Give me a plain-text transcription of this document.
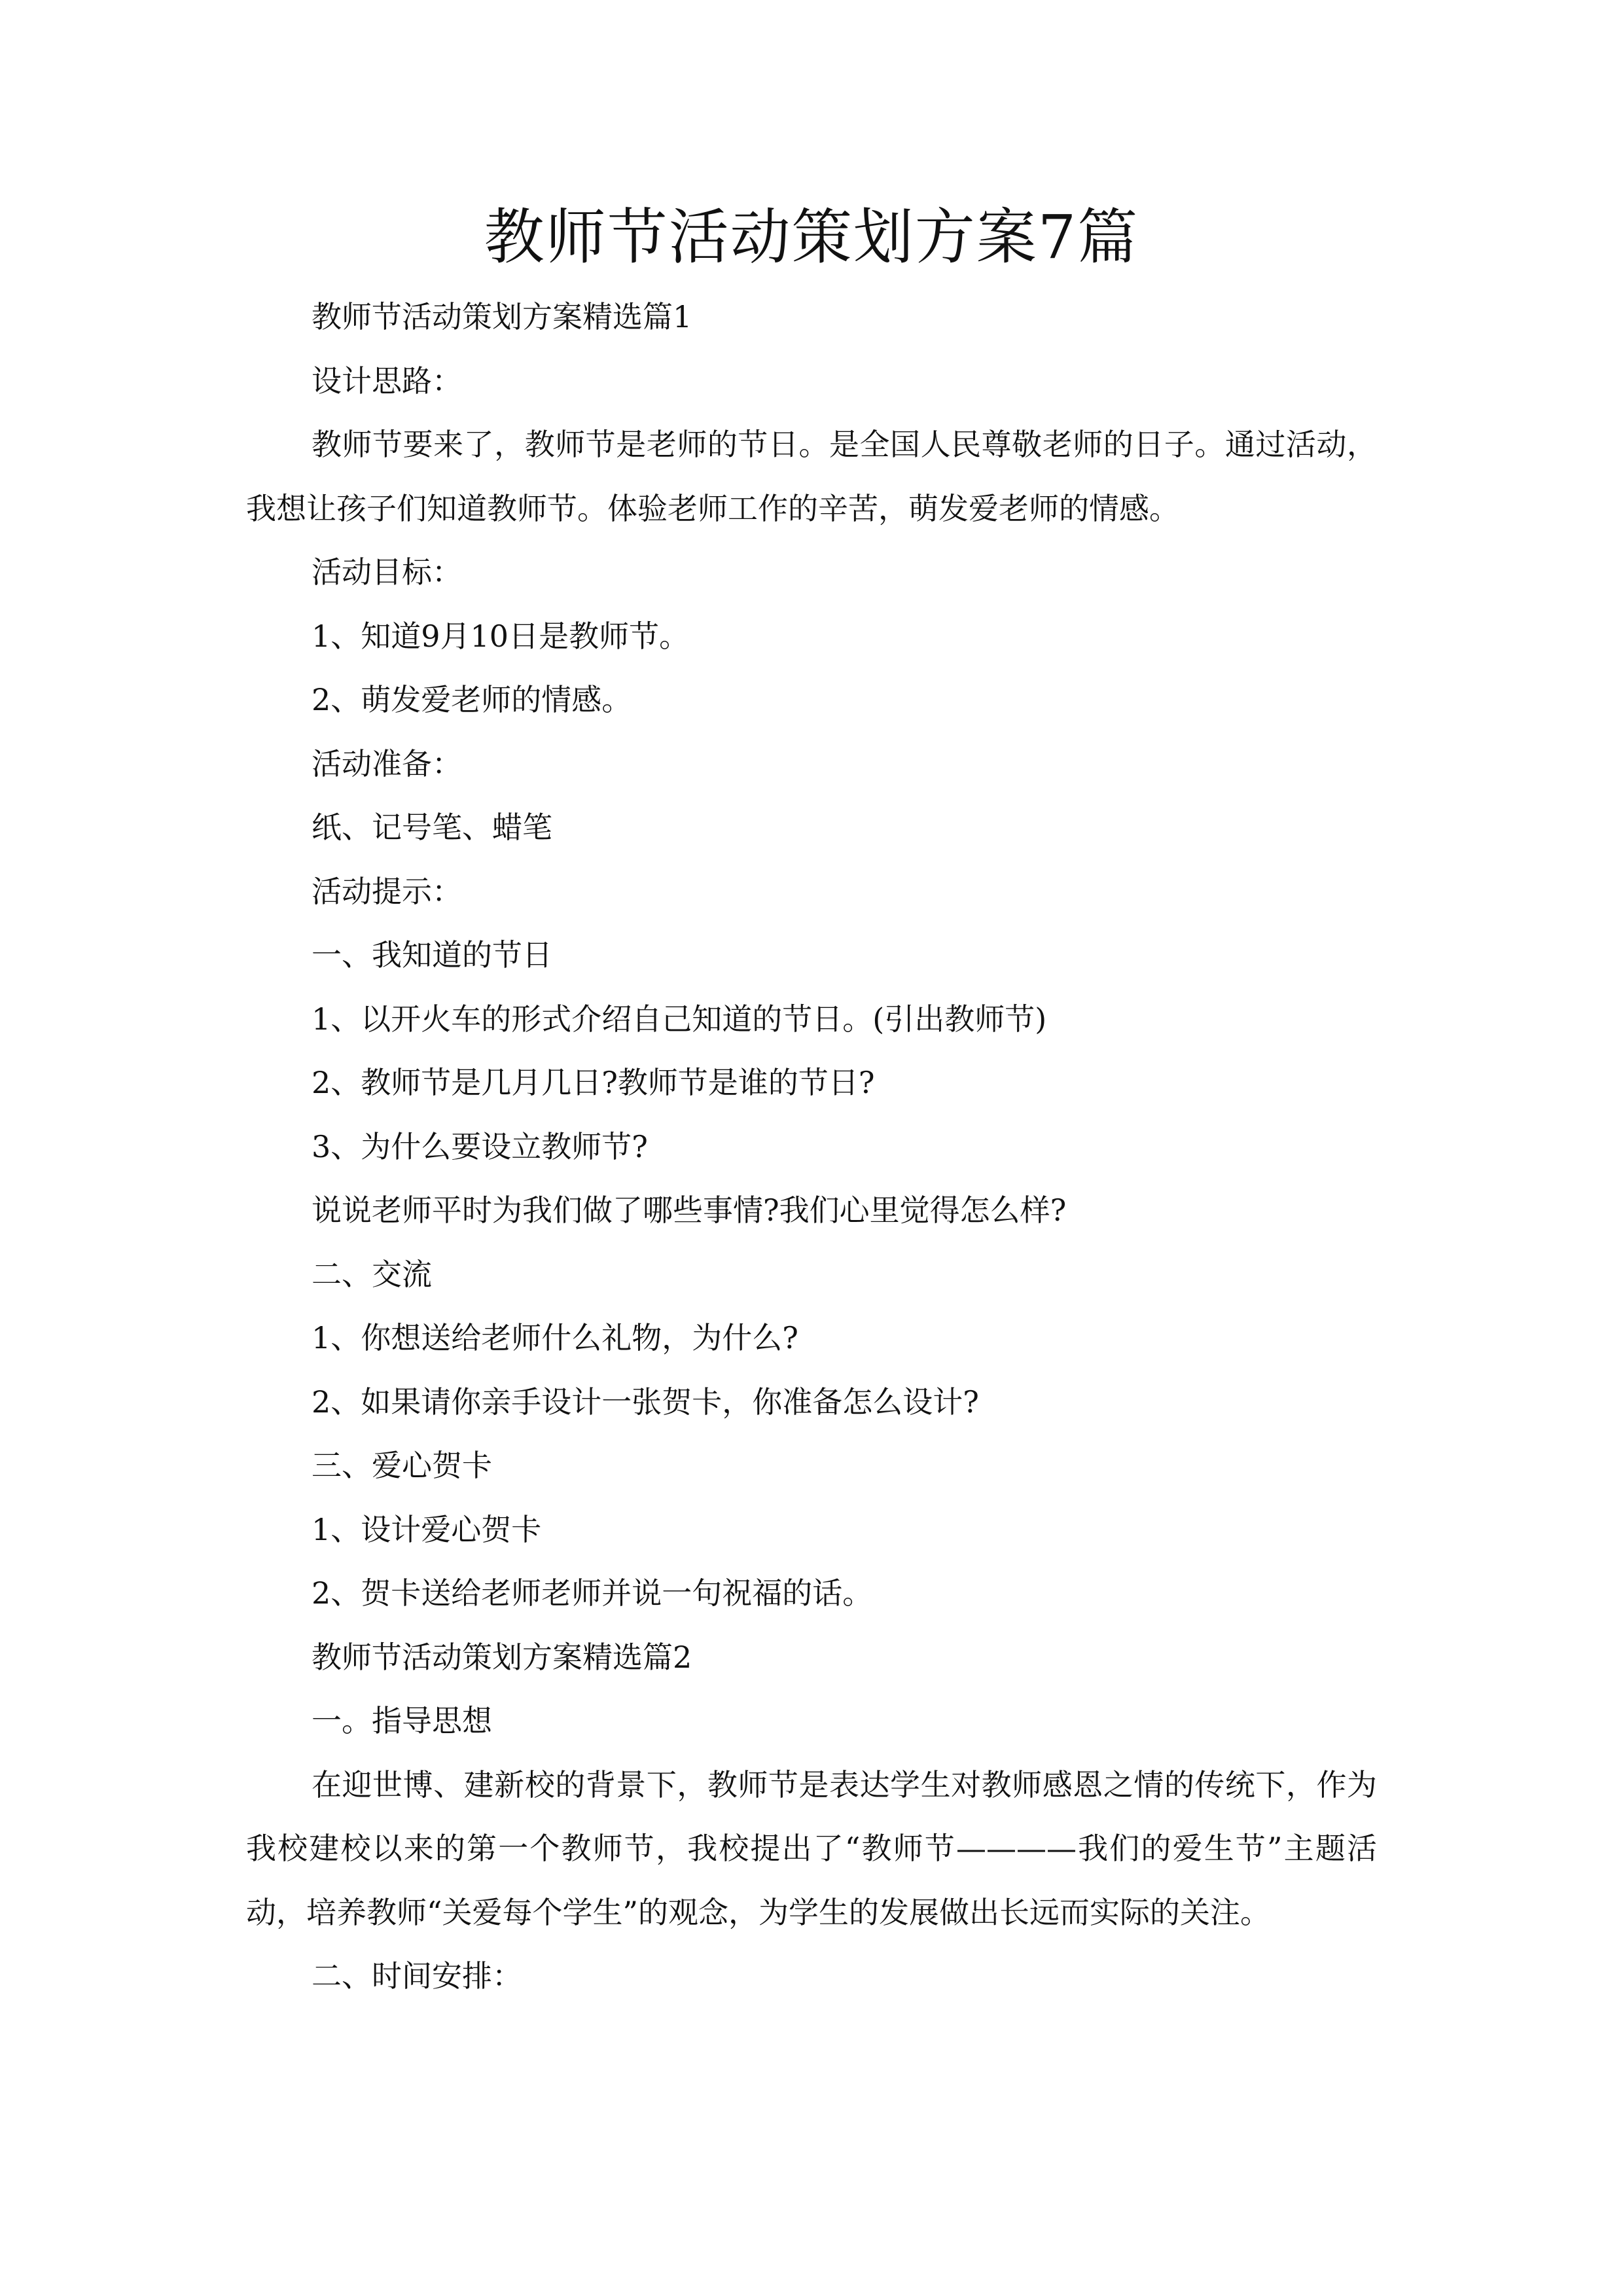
教师节活动策划方案7篇

教师节活动策划方案精选篇1

设计思路：

教师节要来了，教师节是老师的节日。是全国人民尊敬老师的日子。通过活动，我想让孩子们知道教师节。体验老师工作的辛苦，萌发爱老师的情感。

活动目标：

1、知道9月10日是教师节。

2、萌发爱老师的情感。

活动准备：

纸、记号笔、蜡笔

活动提示：

一、我知道的节日

1、以开火车的形式介绍自己知道的节日。(引出教师节)

2、教师节是几月几日?教师节是谁的节日?

3、为什么要设立教师节?

说说老师平时为我们做了哪些事情?我们心里觉得怎么样?

二、交流

1、你想送给老师什么礼物，为什么?

2、如果请你亲手设计一张贺卡，你准备怎么设计?

三、爱心贺卡

1、设计爱心贺卡

2、贺卡送给老师老师并说一句祝福的话。

教师节活动策划方案精选篇2

一。指导思想

在迎世博、建新校的背景下，教师节是表达学生对教师感恩之情的传统下，作为我校建校以来的第一个教师节，我校提出了“教师节————我们的爱生节”主题活动，培养教师“关爱每个学生”的观念，为学生的发展做出长远而实际的关注。

二、时间安排：
